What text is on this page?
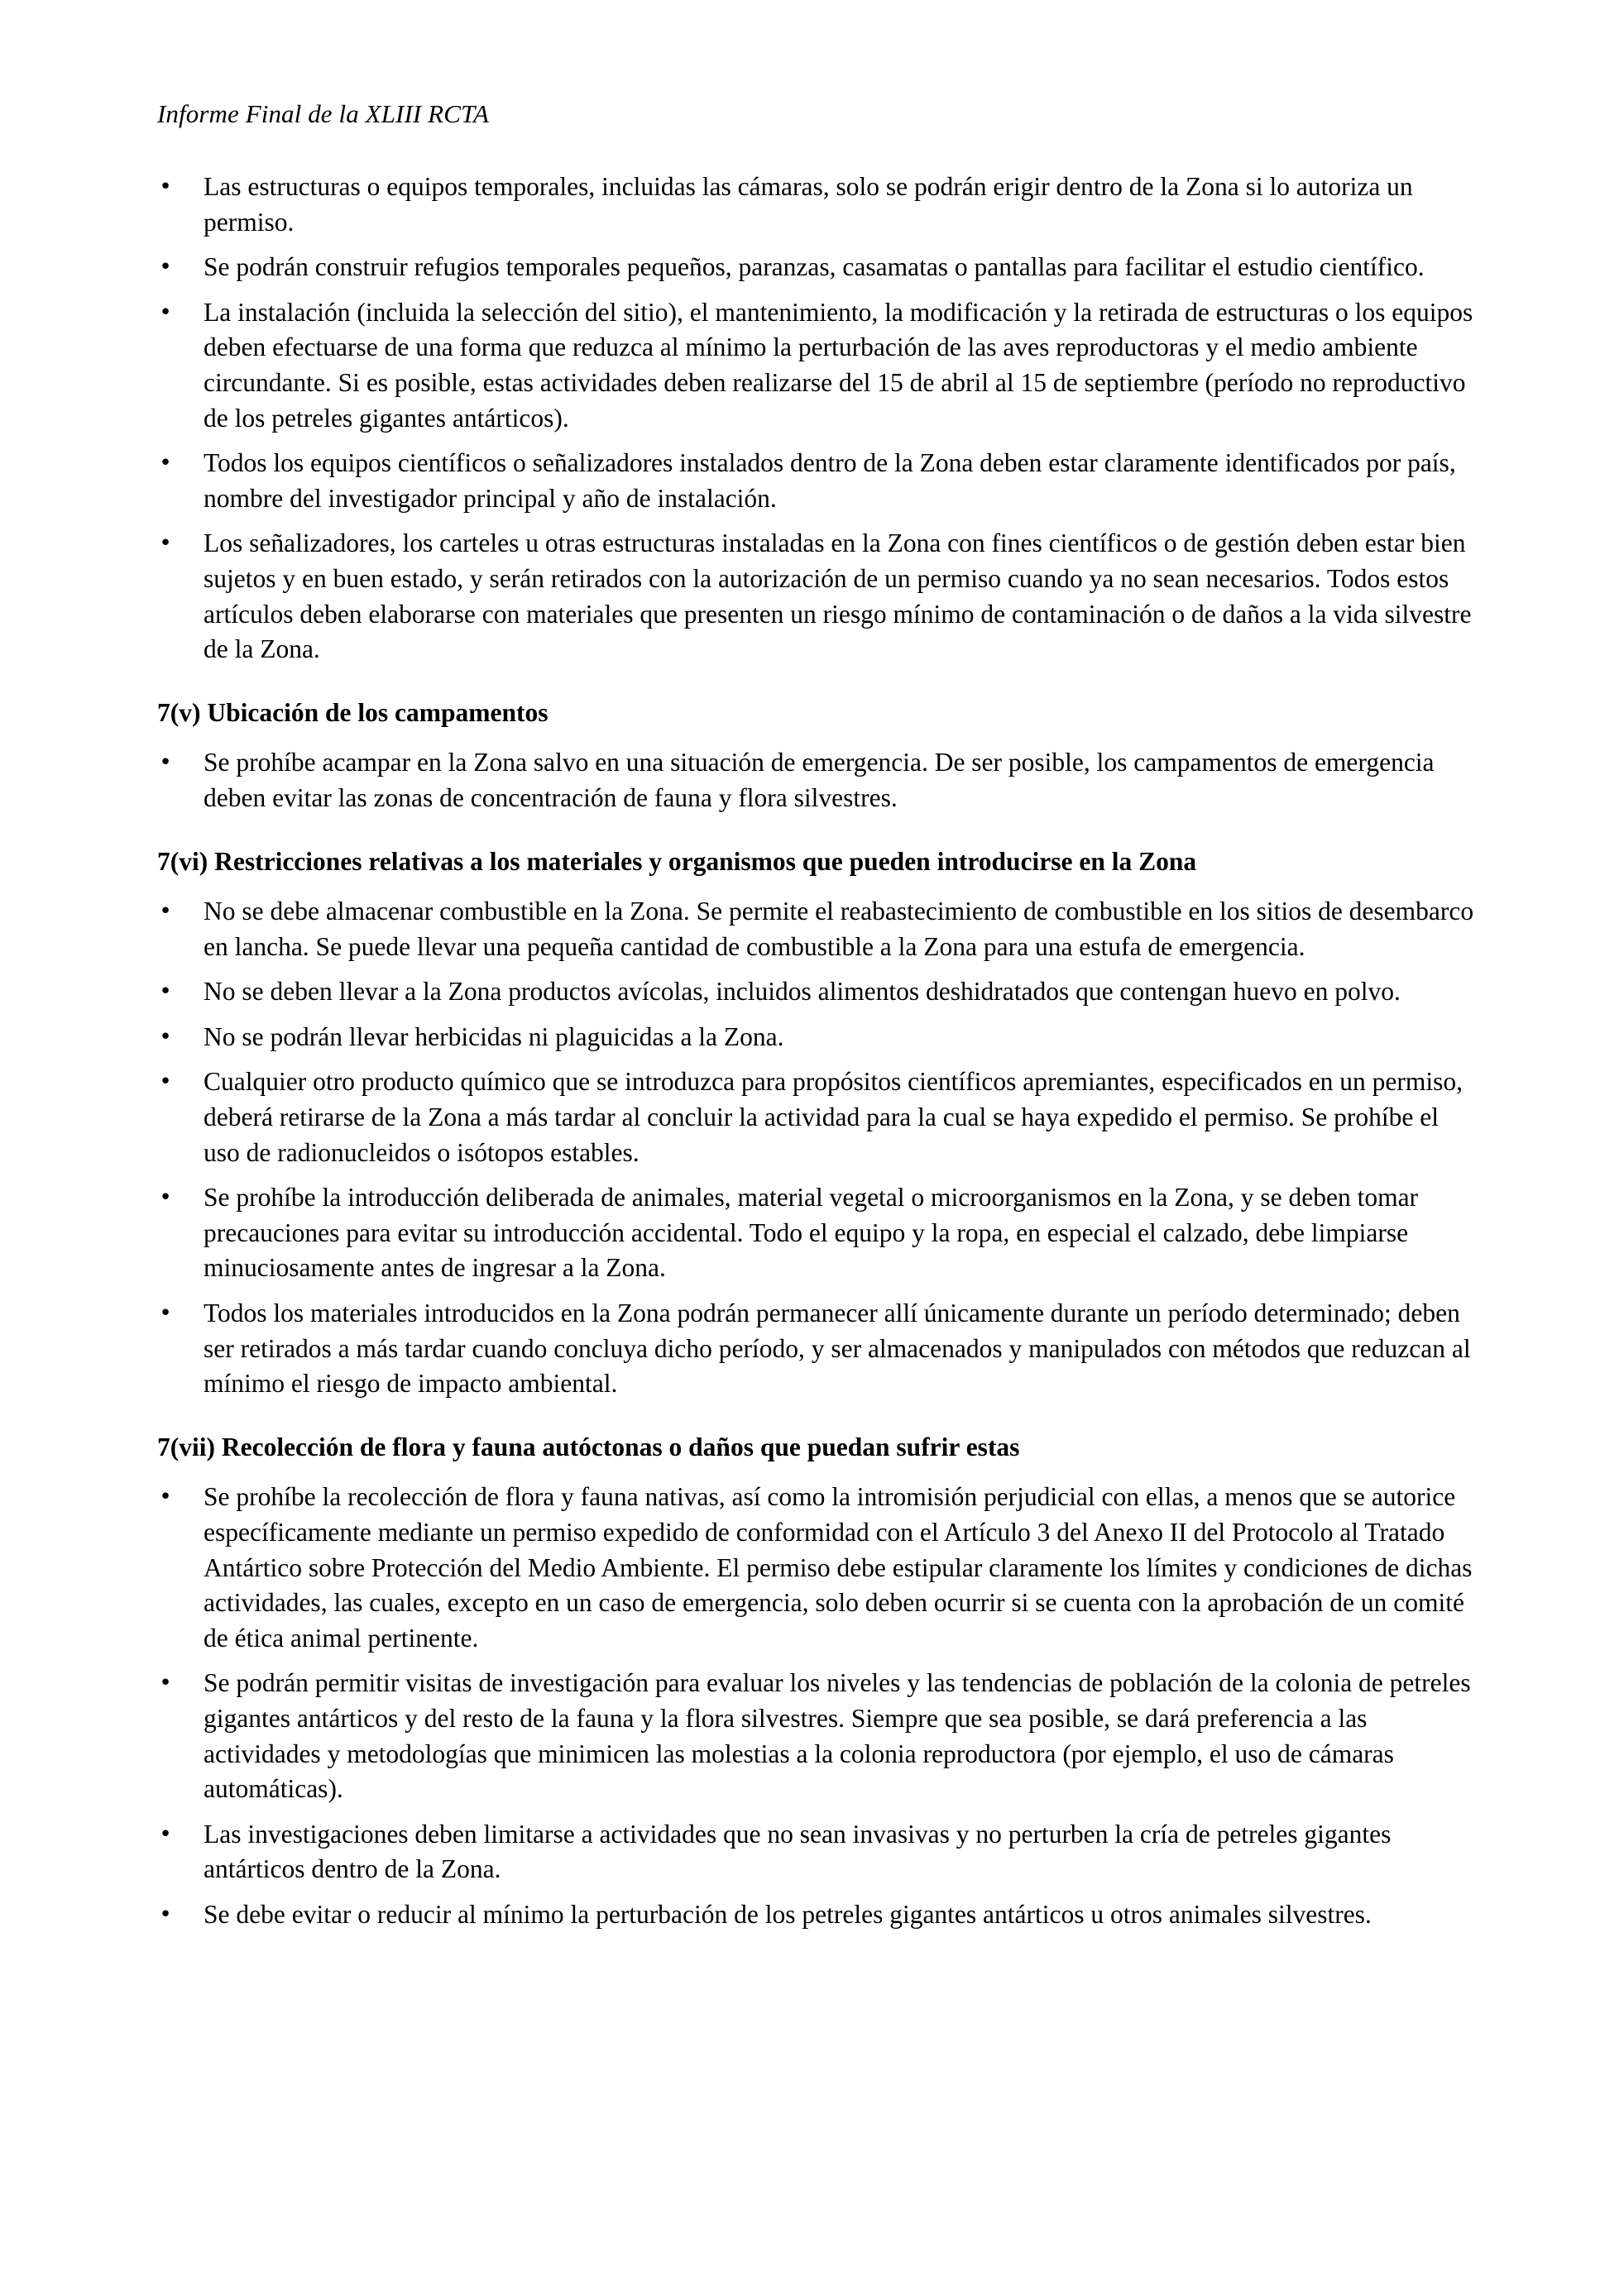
Informe Final de la XLIII RCTA
• Las estructuras o equipos temporales, incluidas las cámaras, solo se podrán erigir dentro de la Zona si lo autoriza un permiso.
• Se podrán construir refugios temporales pequeños, paranzas, casamatas o pantallas para facilitar el estudio científico.
• La instalación (incluida la selección del sitio), el mantenimiento, la modificación y la retirada de estructuras o los equipos deben efectuarse de una forma que reduzca al mínimo la perturbación de las aves reproductoras y el medio ambiente circundante. Si es posible, estas actividades deben realizarse del 15 de abril al 15 de septiembre (período no reproductivo de los petreles gigantes antárticos).
• Todos los equipos científicos o señalizadores instalados dentro de la Zona deben estar claramente identificados por país, nombre del investigador principal y año de instalación.
• Los señalizadores, los carteles u otras estructuras instaladas en la Zona con fines científicos o de gestión deben estar bien sujetos y en buen estado, y serán retirados con la autorización de un permiso cuando ya no sean necesarios. Todos estos artículos deben elaborarse con materiales que presenten un riesgo mínimo de contaminación o de daños a la vida silvestre de la Zona.
7(v) Ubicación de los campamentos
• Se prohíbe acampar en la Zona salvo en una situación de emergencia. De ser posible, los campamentos de emergencia deben evitar las zonas de concentración de fauna y flora silvestres.
7(vi) Restricciones relativas a los materiales y organismos que pueden introducirse en la Zona
• No se debe almacenar combustible en la Zona. Se permite el reabastecimiento de combustible en los sitios de desembarco en lancha. Se puede llevar una pequeña cantidad de combustible a la Zona para una estufa de emergencia.
• No se deben llevar a la Zona productos avícolas, incluidos alimentos deshidratados que contengan huevo en polvo.
• No se podrán llevar herbicidas ni plaguicidas a la Zona.
• Cualquier otro producto químico que se introduzca para propósitos científicos apremiantes, especificados en un permiso, deberá retirarse de la Zona a más tardar al concluir la actividad para la cual se haya expedido el permiso. Se prohíbe el uso de radionucleidos o isótopos estables.
• Se prohíbe la introducción deliberada de animales, material vegetal o microorganismos en la Zona, y se deben tomar precauciones para evitar su introducción accidental. Todo el equipo y la ropa, en especial el calzado, debe limpiarse minuciosamente antes de ingresar a la Zona.
• Todos los materiales introducidos en la Zona podrán permanecer allí únicamente durante un período determinado; deben ser retirados a más tardar cuando concluya dicho período, y ser almacenados y manipulados con métodos que reduzcan al mínimo el riesgo de impacto ambiental.
7(vii) Recolección de flora y fauna autóctonas o daños que puedan sufrir estas
• Se prohíbe la recolección de flora y fauna nativas, así como la intromisión perjudicial con ellas, a menos que se autorice específicamente mediante un permiso expedido de conformidad con el Artículo 3 del Anexo II del Protocolo al Tratado Antártico sobre Protección del Medio Ambiente. El permiso debe estipular claramente los límites y condiciones de dichas actividades, las cuales, excepto en un caso de emergencia, solo deben ocurrir si se cuenta con la aprobación de un comité de ética animal pertinente.
• Se podrán permitir visitas de investigación para evaluar los niveles y las tendencias de población de la colonia de petreles gigantes antárticos y del resto de la fauna y la flora silvestres. Siempre que sea posible, se dará preferencia a las actividades y metodologías que minimicen las molestias a la colonia reproductora (por ejemplo, el uso de cámaras automáticas).
• Las investigaciones deben limitarse a actividades que no sean invasivas y no perturben la cría de petreles gigantes antárticos dentro de la Zona.
• Se debe evitar o reducir al mínimo la perturbación de los petreles gigantes antárticos u otros animales silvestres.
